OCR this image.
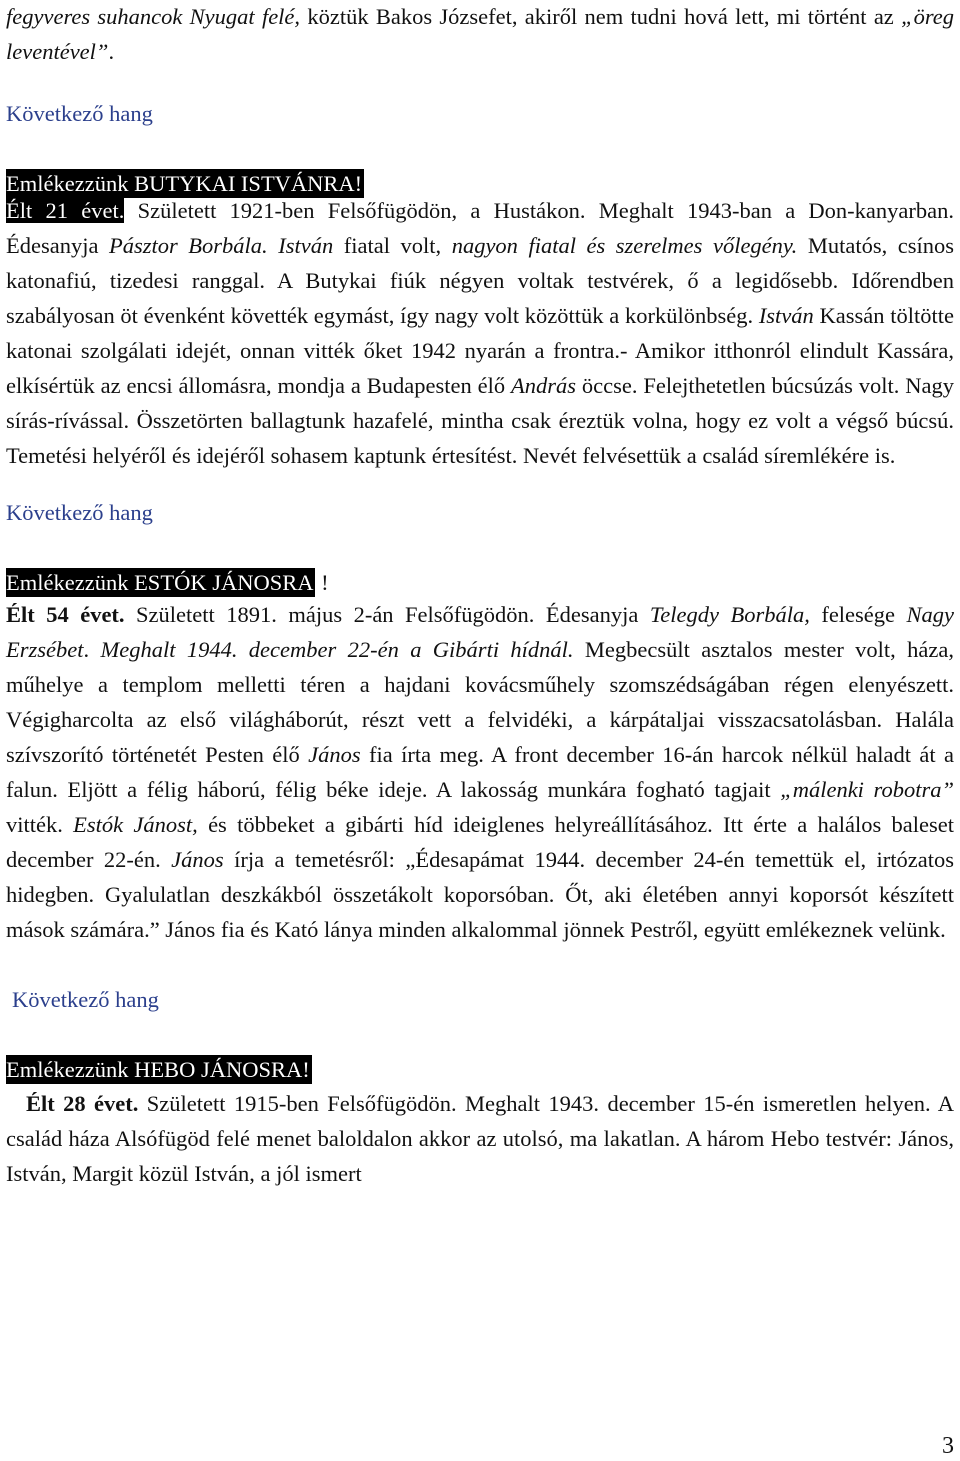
fegyveres suhancok Nyugat felé, köztük Bakos Józsefet, akiről nem tudni hová lett, mi történt az „öreg leventével”.

Következő hang
Emlékezzünk BUTYKAI ISTVÁNRA!

Élt 21 évet. Született 1921-ben Felsőfügödön, a Hustákon. Meghalt 1943-ban a Don-kanyarban. Édesanyja Pásztor Borbála. István fiatal volt, nagyon fiatal és szerelmes vőlegény. Mutatós, csínos katonafiú, tizedesi ranggal. A Butykai fiúk négyen voltak testvérek, ő a legidősebb. Időrendben szabályosan öt évenként követték egymást, így nagy volt közöttük a korkülönbség. István Kassán töltötte katonai szolgálati idejét, onnan vitték őket 1942 nyarán a frontra.- Amikor itthonról elindult Kassára, elkísértük az encsi állomásra, mondja a Budapesten élő András öccse. Felejthetetlen búcsúzás volt. Nagy sírás-rívással. Összetörten ballagtunk hazafelé, mintha csak éreztük volna, hogy ez volt a végső búcsú. Temetési helyéről és idejéről sohasem kaptunk értesítést. Nevét felvésettük a család síremlékére is.

Következő hang
Emlékezzünk ESTÓK JÁNOSRA !

Élt 54 évet. Született 1891. május 2-án Felsőfügödön. Édesanyja Telegdy Borbála, felesége Nagy Erzsébet. Meghalt 1944. december 22-én a Gibárti hídnál. Megbecsült asztalos mester volt, háza, műhelye a templom melletti téren a hajdani kovácsműhely szomszédságában régen elenyészett. Végigharcolta az első világháborút, részt vett a felvidéki, a kárpátaljai visszacsatolásban. Halála szívszorító történetét Pesten élő János fia írta meg. A front december 16-án harcok nélkül haladt át a falun. Eljött a félig háború, félig béke ideje. A lakosság munkára fogható tagjait „málenki robotra” vitték. Estók Jánost, és többeket a gibárti híd ideiglenes helyreállításához. Itt érte a halálos baleset december 22-én. János írja a temetésről: „Édesapámat 1944. december 24-én temettük el, irtózatos hidegben. Gyalulatlan deszkákból összetákolt koporsóban. Őt, aki életében annyi koporsót készített mások számára.” János fia és Kató lánya minden alkalommal jönnek Pestről, együtt emlékeznek velünk.

Következő hang
Emlékezzünk HEBO JÁNOSRA!

Élt 28 évet. Született 1915-ben Felsőfügödön. Meghalt 1943. december 15-én ismeretlen helyen. A család háza Alsófügöd felé menet baloldalon akkor az utolsó, ma lakatlan. A három Hebo testvér: János, István, Margit közül István, a jól ismert

3
